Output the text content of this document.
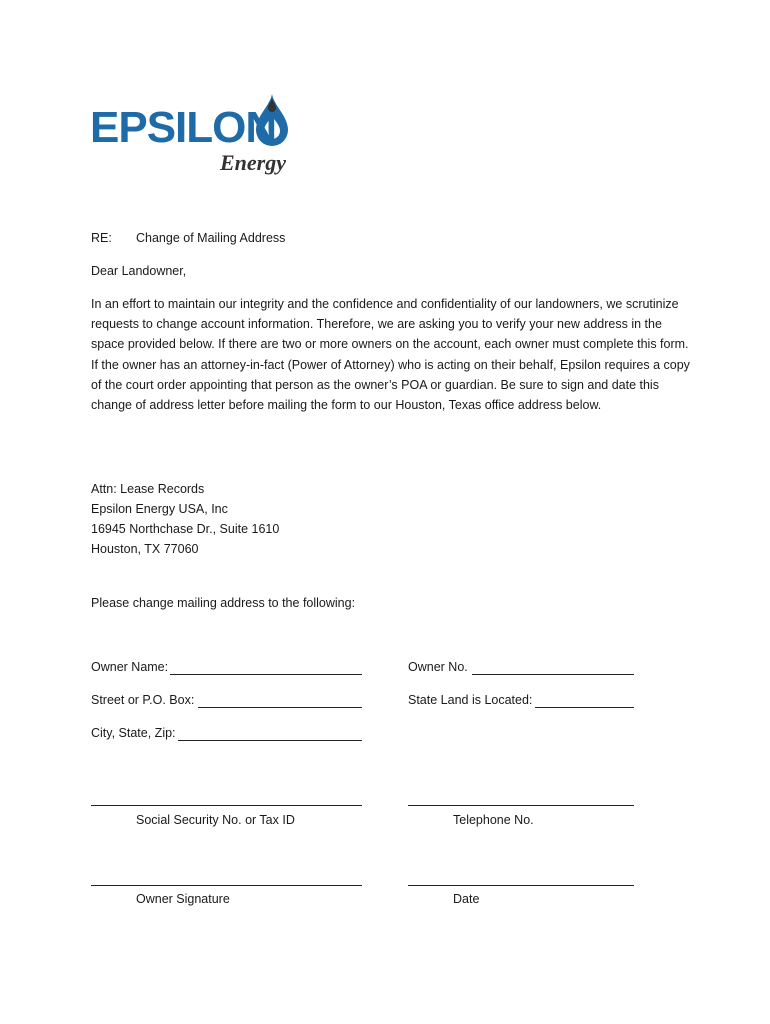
EPSILON
Energy
RE: Change of Mailing Address
Dear Landowner,
In an effort to maintain our integrity and the confidence and confidentiality of our landowners, we scrutinize requests to change account information. Therefore, we are asking you to verify your new address in the space provided below. If there are two or more owners on the account, each owner must complete this form. If the owner has an attorney-in-fact (Power of Attorney) who is acting on their behalf, Epsilon requires a copy of the court order appointing that person as the owner’s POA or guardian. Be sure to sign and date this change of address letter before mailing the form to our Houston, Texas office address below.
Attn: Lease Records
Epsilon Energy USA, Inc
16945 Northchase Dr., Suite 1610
Houston, TX 77060
Please change mailing address to the following:
Owner Name:	Owner No.
Street or P.O. Box:	State Land is Located:
City, State, Zip:
Social Security No. or Tax ID	Telephone No.
Owner Signature	Date
